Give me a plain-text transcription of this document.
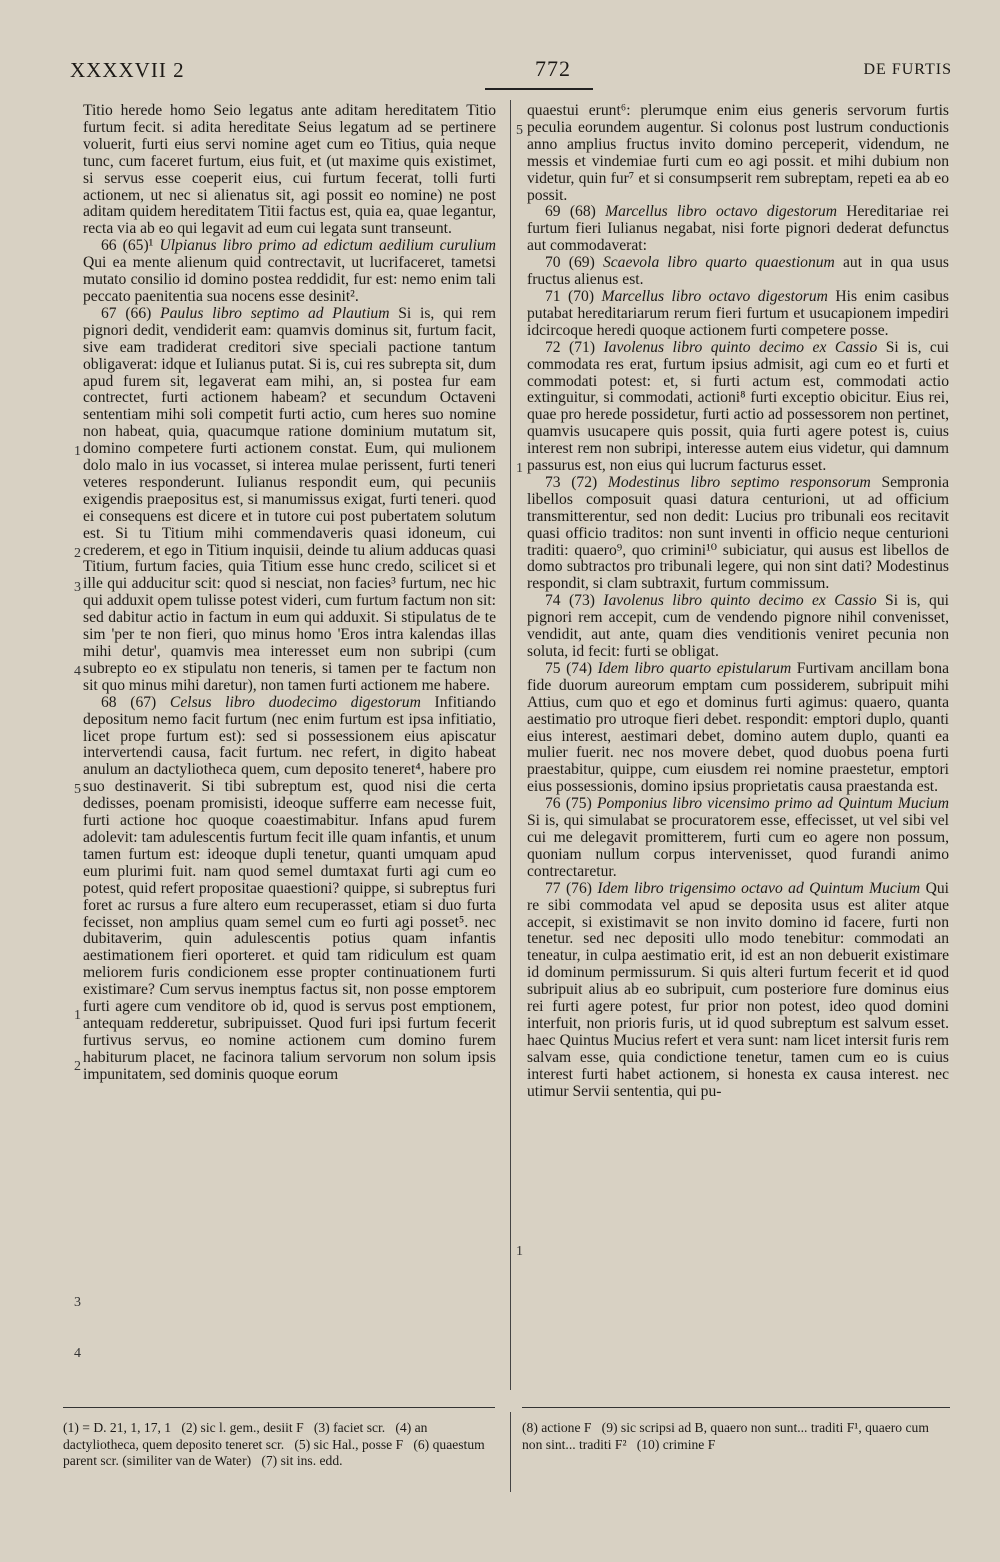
XXXXVII 2	772	DE FURTIS

Titio herede homo Seio legatus ante aditam hereditatem Titio furtum fecit. si adita hereditate Seius legatum ad se pertinere voluerit, furti eius servi nomine aget cum eo Titius, quia neque tunc, cum faceret furtum, eius fuit, et (ut maxime quis existimet, si servus esse coeperit eius, cui furtum fecerat, tolli furti actionem, ut nec si alienatus sit, agi possit eo nomine) ne post aditam quidem hereditatem Titii factus est, quia ea, quae legantur, recta via ab eo qui legavit ad eum cui legata sunt transeunt.

66 (65)¹ Ulpianus libro primo ad edictum aedilium curulium Qui ea mente alienum quid contrectavit, ut lucrifaceret, tametsi mutato consilio id domino postea reddidit, fur est: nemo enim tali peccato paenitentia sua nocens esse desinit².

67 (66) Paulus libro septimo ad Plautium Si is, qui rem pignori dedit, vendiderit eam: quamvis dominus sit, furtum facit, sive eam tradiderat creditori sive speciali pactione tantum obligaverat: idque et Iulianus putat. Si is, cui res subrepta sit, dum apud furem sit, legaverat eam mihi, an, si postea fur eam contrectet, furti actionem habeam? et secundum Octaveni sententiam mihi soli competit furti actio, cum heres suo nomine non habeat, quia, quacumque ratione dominium mutatum sit, domino competere furti actionem constat. Eum, qui mulionem dolo malo in ius vocasset, si interea mulae perissent, furti teneri veteres responderunt. Iulianus respondit eum, qui pecuniis exigendis praepositus est, si manumissus exigat, furti teneri. quod ei consequens est dicere et in tutore cui post pubertatem solutum est. Si tu Titium mihi commendaveris quasi idoneum, cui crederem, et ego in Titium inquisii, deinde tu alium adducas quasi Titium, furtum facies, quia Titium esse hunc credo, scilicet si et ille qui adducitur scit: quod si nesciat, non facies³ furtum, nec hic qui adduxit opem tulisse potest videri, cum furtum factum non sit: sed dabitur actio in factum in eum qui adduxit. Si stipulatus de te sim 'per te non fieri, quo minus homo 'Eros intra kalendas illas mihi detur', quamvis mea interesset eum non subripi (cum subrepto eo ex stipulatu non teneris, si tamen per te factum non sit quo minus mihi daretur), non tamen furti actionem me habere.

68 (67) Celsus libro duodecimo digestorum Infitiando depositum nemo facit furtum (nec enim furtum est ipsa infitiatio, licet prope furtum est): sed si possessionem eius apiscatur intervertendi causa, facit furtum. nec refert, in digito habeat anulum an dactyliotheca quem, cum deposito teneret⁴, habere pro suo destinaverit. Si tibi subreptum est, quod nisi die certa dedisses, poenam promisisti, ideoque sufferre eam necesse fuit, furti actione hoc quoque coaestimabitur. Infans apud furem adolevit: tam adulescentis furtum fecit ille quam infantis, et unum tamen furtum est: ideoque dupli tenetur, quanti umquam apud eum plurimi fuit. nam quod semel dumtaxat furti agi cum eo potest, quid refert propositae quaestioni? quippe, si subreptus furi foret ac rursus a fure altero eum recuperasset, etiam si duo furta fecisset, non amplius quam semel cum eo furti agi posset⁵. nec dubitaverim, quin adulescentis potius quam infantis aestimationem fieri oporteret. et quid tam ridiculum est quam meliorem furis condicionem esse propter continuationem furti existimare? Cum servus inemptus factus sit, non posse emptorem furti agere cum venditore ob id, quod is servus post emptionem, antequam redderetur, subripuisset. Quod furi ipsi furtum fecerit furtivus servus, eo nomine actionem cum domino furem habiturum placet, ne facinora talium servorum non solum ipsis impunitatem, sed dominis quoque eorum

1
2
3
4
5
1
2
3
4

quaestui erunt⁶: plerumque enim eius generis servorum furtis peculia eorundem augentur. Si colonus post lustrum conductionis anno amplius fructus invito domino perceperit, videndum, ne messis et vindemiae furti cum eo agi possit. et mihi dubium non videtur, quin fur⁷ et si consumpserit rem subreptam, repeti ea ab eo possit.

69 (68) Marcellus libro octavo digestorum Hereditariae rei furtum fieri Iulianus negabat, nisi forte pignori dederat defunctus aut commodaverat:

70 (69) Scaevola libro quarto quaestionum aut in qua usus fructus alienus est.

71 (70) Marcellus libro octavo digestorum His enim casibus putabat hereditariarum rerum fieri furtum et usucapionem impediri idcircoque heredi quoque actionem furti competere posse.

72 (71) Iavolenus libro quinto decimo ex Cassio Si is, cui commodata res erat, furtum ipsius admisit, agi cum eo et furti et commodati potest: et, si furti actum est, commodati actio extinguitur, si commodati, actioni⁸ furti exceptio obicitur. Eius rei, quae pro herede possidetur, furti actio ad possessorem non pertinet, quamvis usucapere quis possit, quia furti agere potest is, cuius interest rem non subripi, interesse autem eius videtur, qui damnum passurus est, non eius qui lucrum facturus esset.

73 (72) Modestinus libro septimo responsorum Sempronia libellos composuit quasi datura centurioni, ut ad officium transmitterentur, sed non dedit: Lucius pro tribunali eos recitavit quasi officio traditos: non sunt inventi in officio neque centurioni traditi: quaero⁹, quo crimini¹⁰ subiciatur, qui ausus est libellos de domo subtractos pro tribunali legere, qui non sint dati? Modestinus respondit, si clam subtraxit, furtum commissum.

74 (73) Iavolenus libro quinto decimo ex Cassio Si is, qui pignori rem accepit, cum de vendendo pignore nihil convenisset, vendidit, aut ante, quam dies venditionis veniret pecunia non soluta, id fecit: furti se obligat.

75 (74) Idem libro quarto epistularum Furtivam ancillam bona fide duorum aureorum emptam cum possiderem, subripuit mihi Attius, cum quo et ego et dominus furti agimus: quaero, quanta aestimatio pro utroque fieri debet. respondit: emptori duplo, quanti eius interest, aestimari debet, domino autem duplo, quanti ea mulier fuerit. nec nos movere debet, quod duobus poena furti praestabitur, quippe, cum eiusdem rei nomine praestetur, emptori eius possessionis, domino ipsius proprietatis causa praestanda est.

76 (75) Pomponius libro vicensimo primo ad Quintum Mucium Si is, qui simulabat se procuratorem esse, effecisset, ut vel sibi vel cui me delegavit promitterem, furti cum eo agere non possum, quoniam nullum corpus intervenisset, quod furandi animo contrectaretur.

77 (76) Idem libro trigensimo octavo ad Quintum Mucium Qui re sibi commodata vel apud se deposita usus est aliter atque accepit, si existimavit se non invito domino id facere, furti non tenetur. sed nec depositi ullo modo tenebitur: commodati an teneatur, in culpa aestimatio erit, id est an non debuerit existimare id dominum permissurum. Si quis alteri furtum fecerit et id quod subripuit alius ab eo subripuit, cum posteriore fure dominus eius rei furti agere potest, fur prior non potest, ideo quod domini interfuit, non prioris furis, ut id quod subreptum est salvum esset. haec Quintus Mucius refert et vera sunt: nam licet intersit furis rem salvam esse, quia condictione tenetur, tamen cum eo is cuius interest furti habet actionem, si honesta ex causa interest. nec utimur Servii sententia, qui pu-

5
1
1
(1) = D. 21, 1, 17, 1 (2) sic l. gem., desiit F (3) faciet scr. (4) an dactyliotheca, quem deposito teneret scr. (5) sic Hal., posse F (6) quaestum parent scr. (similiter van de Water) (7) sit ins. edd.
(8) actione F (9) sic scripsi ad B, quaero non sunt... traditi F¹, quaero cum non sint... traditi F² (10) crimine F
